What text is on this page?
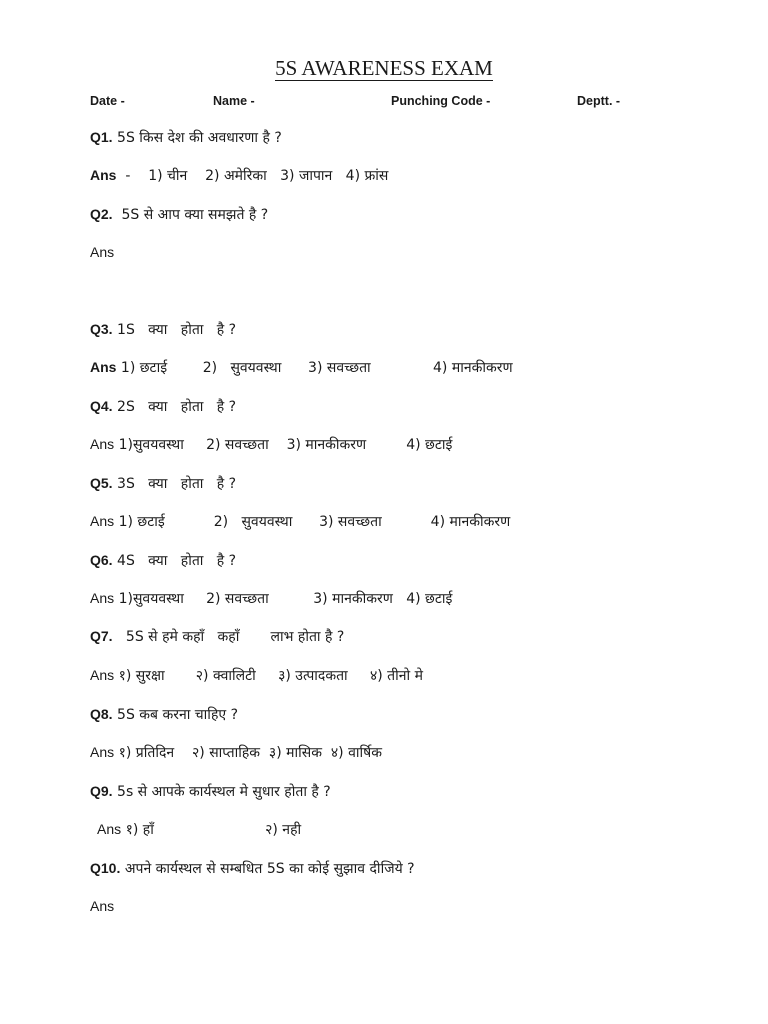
5S AWARENESS EXAM
Date -	Name -	Punching Code -	Deptt. -
Q1. 5S किस देश की अवधारणा है ?
Ans -    1) चीन 2) अमेरिका 3) जापान 4) फ्रांस
Q2. 5S से आप क्या समझते है ?
Ans
Q3. 1S   क्या   होता   है ?
Ans 1) छटाई	2)   सुवयवस्था 3) सवच्छता	4) मानकीकरण
Q4. 2S   क्या   होता   है ?
Ans 1)सुवयवस्था 2) सवच्छता 3) मानकीकरण	4) छटाई
Q5. 3S   क्या   होता   है ?
Ans 1) छटाई	2)   सुवयवस्था 3) सवच्छता	4) मानकीकरण
Q6. 4S   क्या   होता   है ?
Ans 1)सुवयवस्था 2) सवच्छता	3) मानकीकरण 4) छटाई
Q7.   5S से हमे कहाँ   कहाँ       लाभ होता है ?
Ans १) सुरक्षा २) क्वालिटी ३) उत्पादकता ४) तीनो मे
Q8. 5S कब करना चाहिए ?
Ans १) प्रतिदिन २) साप्ताहिक ३) मासिक ४) वार्षिक
Q9. 5s से आपके कार्यस्थल मे सुधार होता है ?
Ans १) हाँ	२) नही
Q10. अपने कार्यस्थल से सम्बधित 5S का कोई सुझाव दीजिये ?
Ans
